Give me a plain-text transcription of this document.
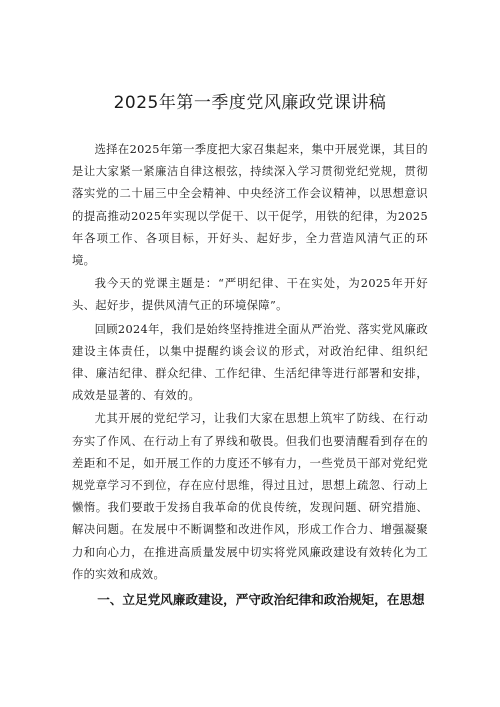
2025年第一季度党风廉政党课讲稿

选择在2025年第一季度把大家召集起来，集中开展党课，其目的是让大家紧一紧廉洁自律这根弦，持续深入学习贯彻党纪党规，贯彻落实党的二十届三中全会精神、中央经济工作会议精神，以思想意识的提高推动2025年实现以学促干、以干促学，用铁的纪律，为2025年各项工作、各项目标，开好头、起好步，全力营造风清气正的环境。

我今天的党课主题是：“严明纪律、干在实处，为2025年开好头、起好步，提供风清气正的环境保障”。

回顾2024年，我们是始终坚持推进全面从严治党、落实党风廉政建设主体责任，以集中提醒约谈会议的形式，对政治纪律、组织纪律、廉洁纪律、群众纪律、工作纪律、生活纪律等进行部署和安排，成效是显著的、有效的。

尤其开展的党纪学习，让我们大家在思想上筑牢了防线、在行动夯实了作风、在行动上有了界线和敬畏。但我们也要清醒看到存在的差距和不足，如开展工作的力度还不够有力，一些党员干部对党纪党规党章学习不到位，存在应付思维，得过且过，思想上疏忽、行动上懒惰。我们要敢于发扬自我革命的优良传统，发现问题、研究措施、解决问题。在发展中不断调整和改进作风，形成工作合力、增强凝聚力和向心力，在推进高质量发展中切实将党风廉政建设有效转化为工作的实效和成效。

一、立足党风廉政建设，严守政治纪律和政治规矩，在思想
